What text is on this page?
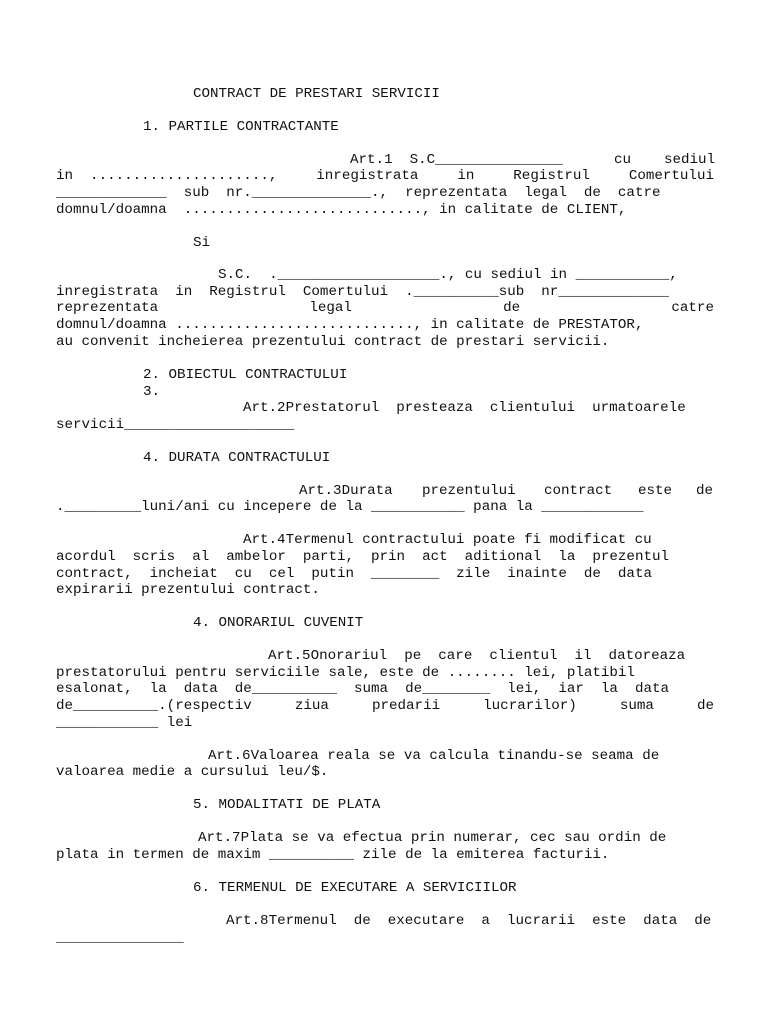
CONTRACT DE PRESTARI SERVICII
1. PARTILE CONTRACTANTE
Art.1  S.C_______________	cu sediul
in  .....................,	inregistrata	in	Registrul	Comertului
_____________  sub  nr.______________.,  reprezentata  legal  de  catre
domnul/doamna  ............................, in calitate de CLIENT,
Si
S.C.  .___________________., cu sediul in ___________,
inregistrata  in  Registrul  Comertului  .__________sub  nr_____________
reprezentata	legal	de	catre
domnul/doamna ............................, in calitate de PRESTATOR,
au convenit incheierea prezentului contract de prestari servicii.
2. OBIECTUL CONTRACTULUI
3.
Art.2Prestatorul  presteaza  clientului  urmatoarele
servicii____________________
4. DURATA CONTRACTULUI
Art.3Durata prezentului contract este de
._________luni/ani cu incepere de la ___________ pana la ____________
Art.4Termenul contractului poate fi modificat cu
acordul  scris  al  ambelor  parti,  prin  act  aditional  la  prezentul
contract,  incheiat  cu  cel  putin  ________  zile  inainte  de  data
expirarii prezentului contract.
4. ONORARIUL CUVENIT
Art.5Onorariul  pe  care  clientul  il  datoreaza
prestatorului pentru serviciile sale, este de ........ lei, platibil
esalonat,  la  data  de__________  suma  de________  lei,  iar  la  data
de__________.(respectiv	ziua	predarii	lucrarilor)	suma	de
____________ lei
Art.6Valoarea reala se va calcula tinandu-se seama de
valoarea medie a cursului leu/$.
5. MODALITATI DE PLATA
Art.7Plata se va efectua prin numerar, cec sau ordin de
plata in termen de maxim __________ zile de la emiterea facturii.
6. TERMENUL DE EXECUTARE A SERVICIILOR
Art.8Termenul  de  executare  a  lucrarii  este  data  de
_______________
